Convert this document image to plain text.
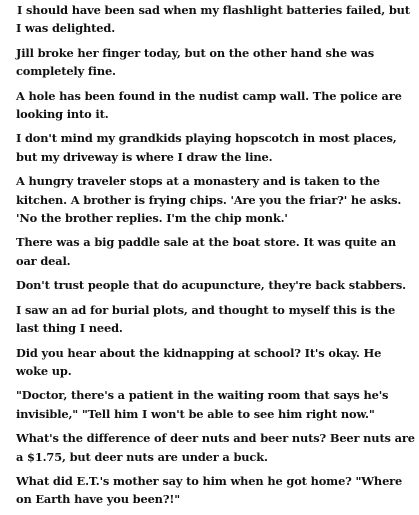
I should have been sad when my flashlight batteries failed, but I was delighted.

Jill broke her finger today, but on the other hand she was completely fine.

A hole has been found in the nudist camp wall. The police are looking into it.

I don't mind my grandkids playing hopscotch in most places, but my driveway is where I draw the line.

A hungry traveler stops at a monastery and is taken to the kitchen. A brother is frying chips. 'Are you the friar?' he asks. 'No the brother replies. I'm the chip monk.'

There was a big paddle sale at the boat store. It was quite an oar deal.

Don't trust people that do acupuncture, they're back stabbers.

I saw an ad for burial plots, and thought to myself this is the last thing I need.

Did you hear about the kidnapping at school? It's okay. He woke up.

"Doctor, there's a patient in the waiting room that says he's invisible," "Tell him I won't be able to see him right now."

What's the difference of deer nuts and beer nuts? Beer nuts are a $1.75, but deer nuts are under a buck.

What did E.T.'s mother say to him when he got home? "Where on Earth have you been?!"
